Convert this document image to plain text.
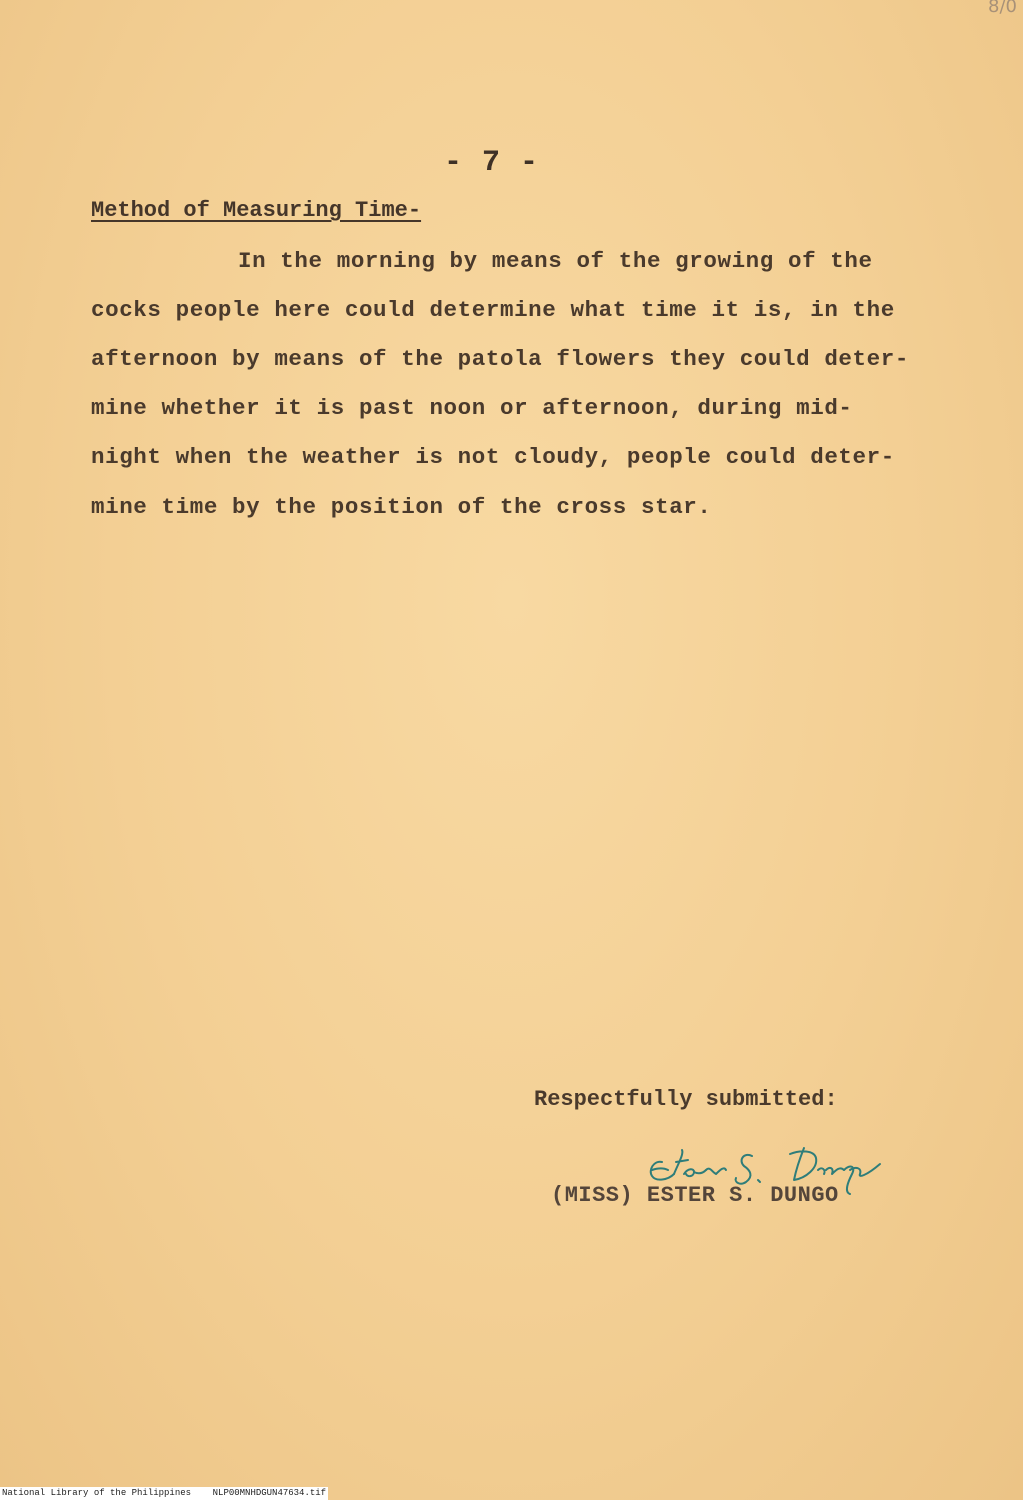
8/0
- 7 -
Method of Measuring Time-
In the morning by means of the growing of the
cocks people here could determine what time it is, in the
afternoon by means of the patola flowers they could deter-
mine whether it is past noon or afternoon, during mid-
night when the weather is not cloudy, people could deter-
mine time by the position of the cross star.
Respectfully submitted:
(MISS) ESTER S. DUNGO
National Library of the Philippines NLP00MNHDGUN47634.tif
